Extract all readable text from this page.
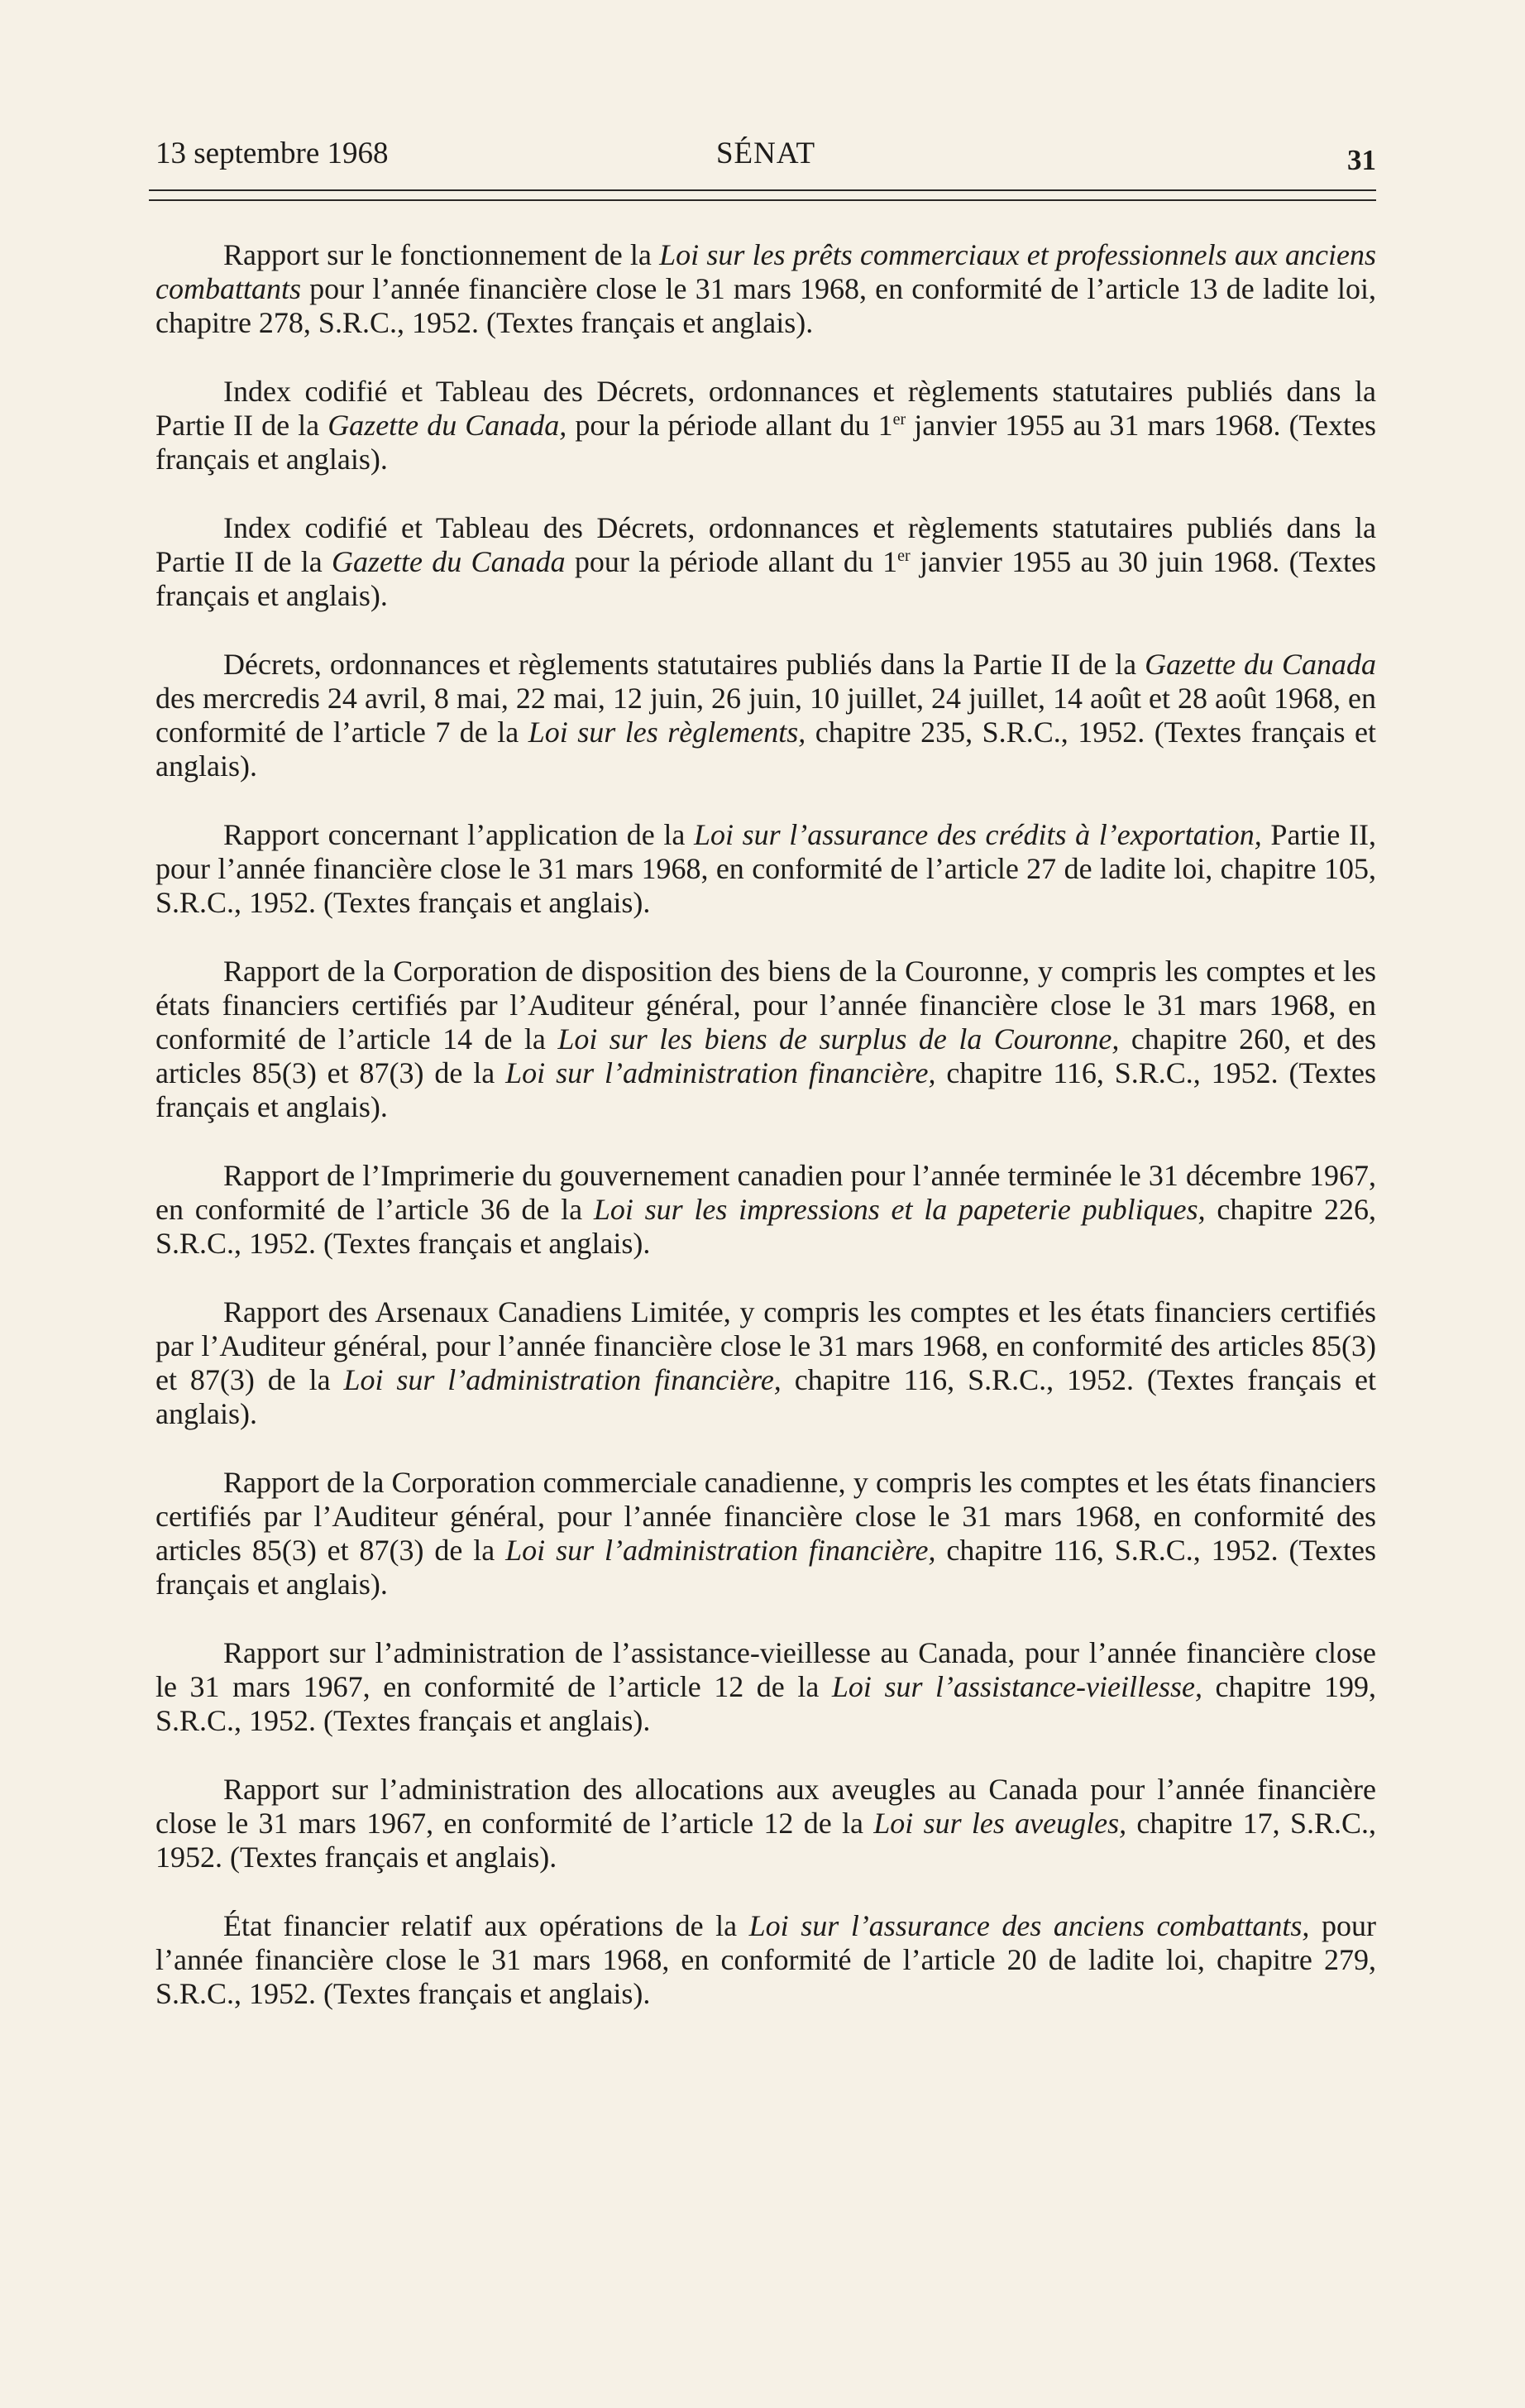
13 septembre 1968	SÉNAT	31

Rapport sur le fonctionnement de la Loi sur les prêts commerciaux et professionnels aux anciens combattants pour l’année financière close le 31 mars 1968, en conformité de l’article 13 de ladite loi, chapitre 278, S.R.C., 1952. (Textes français et anglais).

Index codifié et Tableau des Décrets, ordonnances et règlements statutaires publiés dans la Partie II de la Gazette du Canada, pour la période allant du 1er janvier 1955 au 31 mars 1968. (Textes français et anglais).

Index codifié et Tableau des Décrets, ordonnances et règlements statutaires publiés dans la Partie II de la Gazette du Canada pour la période allant du 1er janvier 1955 au 30 juin 1968. (Textes français et anglais).

Décrets, ordonnances et règlements statutaires publiés dans la Partie II de la Gazette du Canada des mercredis 24 avril, 8 mai, 22 mai, 12 juin, 26 juin, 10 juillet, 24 juillet, 14 août et 28 août 1968, en conformité de l’article 7 de la Loi sur les règlements, chapitre 235, S.R.C., 1952. (Textes français et anglais).

Rapport concernant l’application de la Loi sur l’assurance des crédits à l’exportation, Partie II, pour l’année financière close le 31 mars 1968, en conformité de l’article 27 de ladite loi, chapitre 105, S.R.C., 1952. (Textes français et anglais).

Rapport de la Corporation de disposition des biens de la Couronne, y compris les comptes et les états financiers certifiés par l’Auditeur général, pour l’année financière close le 31 mars 1968, en conformité de l’article 14 de la Loi sur les biens de surplus de la Couronne, chapitre 260, et des articles 85(3) et 87(3) de la Loi sur l’administration financière, chapitre 116, S.R.C., 1952. (Textes français et anglais).

Rapport de l’Imprimerie du gouvernement canadien pour l’année terminée le 31 décembre 1967, en conformité de l’article 36 de la Loi sur les impressions et la papeterie publiques, chapitre 226, S.R.C., 1952. (Textes français et anglais).

Rapport des Arsenaux Canadiens Limitée, y compris les comptes et les états financiers certifiés par l’Auditeur général, pour l’année financière close le 31 mars 1968, en conformité des articles 85(3) et 87(3) de la Loi sur l’administration financière, chapitre 116, S.R.C., 1952. (Textes français et anglais).

Rapport de la Corporation commerciale canadienne, y compris les comptes et les états financiers certifiés par l’Auditeur général, pour l’année financière close le 31 mars 1968, en conformité des articles 85(3) et 87(3) de la Loi sur l’administration financière, chapitre 116, S.R.C., 1952. (Textes français et anglais).

Rapport sur l’administration de l’assistance-vieillesse au Canada, pour l’année financière close le 31 mars 1967, en conformité de l’article 12 de la Loi sur l’assistance-vieillesse, chapitre 199, S.R.C., 1952. (Textes français et anglais).

Rapport sur l’administration des allocations aux aveugles au Canada pour l’année financière close le 31 mars 1967, en conformité de l’article 12 de la Loi sur les aveugles, chapitre 17, S.R.C., 1952. (Textes français et anglais).

État financier relatif aux opérations de la Loi sur l’assurance des anciens combattants, pour l’année financière close le 31 mars 1968, en conformité de l’article 20 de ladite loi, chapitre 279, S.R.C., 1952. (Textes français et anglais).
